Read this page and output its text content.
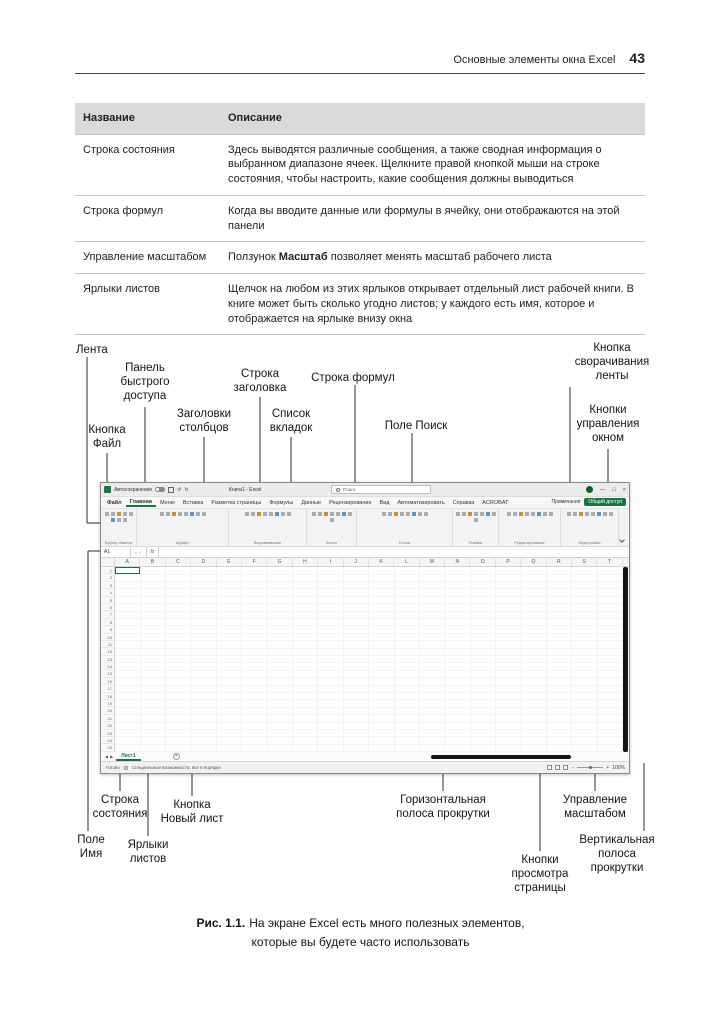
Основные элементы окна Excel 43
Название	Описание
Строка состояния	Здесь выводятся различные сообщения, а также сводная информация о выбранном диапазоне ячеек. Щелкните правой кнопкой мыши на строке состояния, чтобы настроить, какие сообщения должны выводиться
Строка формул	Когда вы вводите данные или формулы в ячейку, они отображаются на этой панели
Управление масштабом	Ползунок Масштаб позволяет менять масштаб рабочего листа
Ярлыки листов	Щелчок на любом из этих ярлыков открывает отдельный лист рабочей книги. В книге может быть сколько угодно листов; у каждого есть имя, которое и отображается на ярлыке внизу окна
Лента
Панель быстрого доступа
Строка заголовка
Строка формул
Кнопка сворачивания ленты
Кнопки управления окном
Кнопка Файл
Заголовки столбцов
Список вкладок	Поле Поиск
Строка состояния
Кнопка Новый лист
Горизонтальная полоса прокрутки
Управление масштабом
Поле Имя
Ярлыки листов	Кнопки просмотра страницы
Вертикальная полоса прокрутки
Автосохранение	↺ ↻	Книга1 - Excel	Поиск	— □ ×
Файл	Главная	Меню	Вставка	Разметка страницы	Формулы	Данные	Рецензирование	Вид	Автоматизировать	Справка	ACROBAT	Примечания	Общий доступ
Буфер обмена	Шрифт	Выравнивание	Число	Стили	Ячейки	Редактирование	Надстройки
A1	× ✓	fx
A	B	C	D	E	F	G	H	I	J	K	L	M	N	O	P	Q	R	S	T
1
2
3
4
5
6
7
8
9
10
11
12
13
14
15
16
17
18
19
20
21
22
23
24
25
◀ ▶	Лист1	+
Готово	Специальные возможности: все в порядке	−	+ 100%
Рис. 1.1. На экране Excel есть много полезных элементов,
которые вы будете часто использовать
